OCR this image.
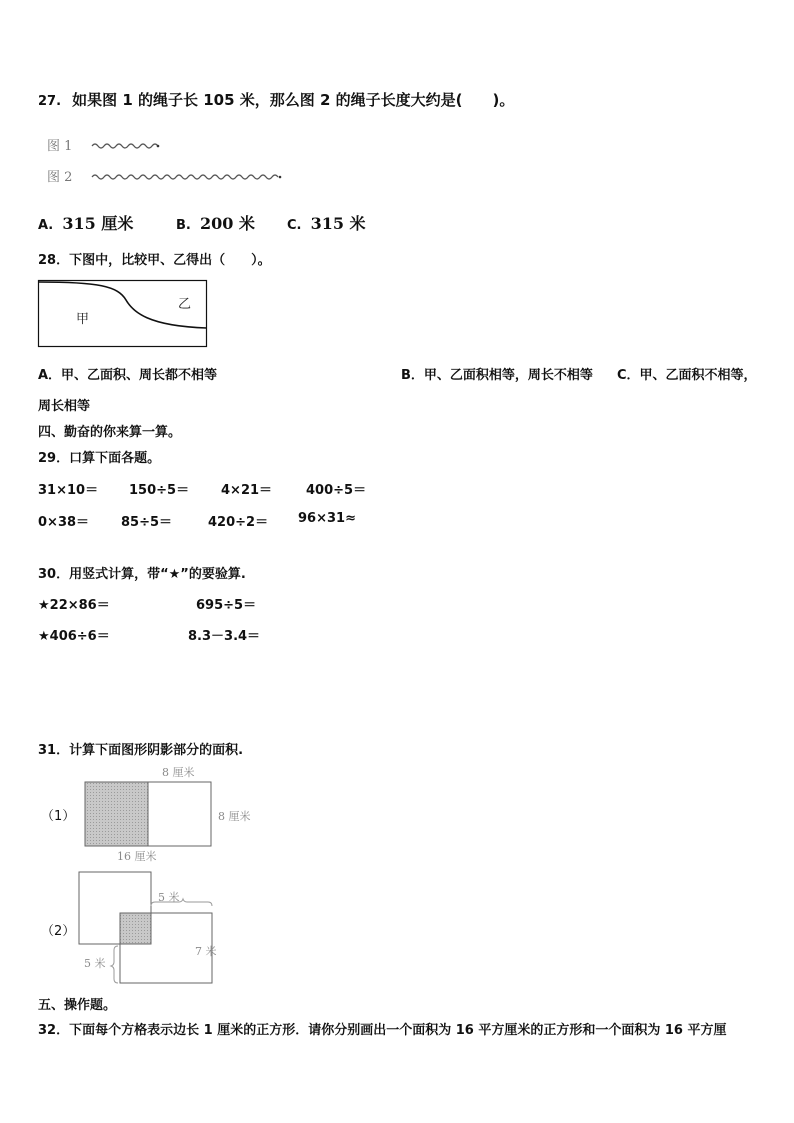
27. 如果图 1 的绳子长 105 米，那么图 2 的绳子长度大约是(　　)。
图 1
图 2
A. 315 厘米	B. 200 米 C. 315 米
28．下图中，比较甲、乙得出（　　）。
甲
乙
A．甲、乙面积、周长都不相等	B．甲、乙面积相等，周长不相等 C．甲、乙面积不相等，
周长相等
四、勤奋的你来算一算。
29．口算下面各题。
31×10＝ 150÷5＝ 4×21＝	400÷5＝
0×38＝ 85÷5＝	420÷2＝ 96×31≈
30．用竖式计算，带“★”的要验算.
★22×86＝	695÷5＝
★406÷6＝	8.3－3.4＝
31．计算下面图形阴影部分的面积.
（1）
8 厘米
8 厘米
16 厘米
（2）
5 米
7 米
5 米
五、操作题。
32．下面每个方格表示边长 1 厘米的正方形．请你分别画出一个面积为 16 平方厘米的正方形和一个面积为 16 平方厘
